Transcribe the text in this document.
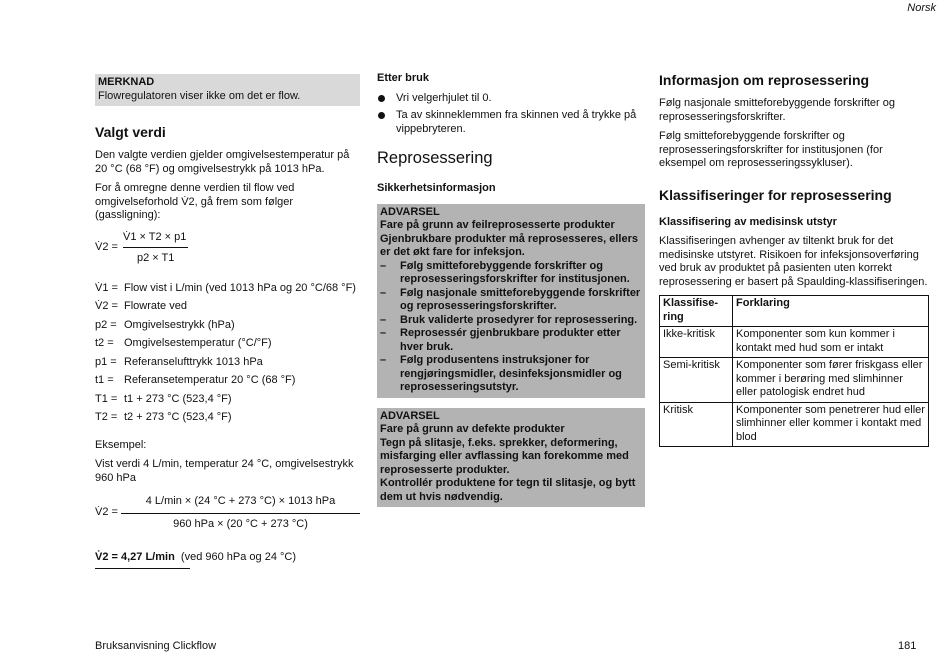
Norsk
MERKNAD
Flowregulatoren viser ikke om det er flow.
Valgt verdi

Den valgte verdien gjelder omgivelsestemperatur på 20 °C (68 °F) og omgivelsestrykk på 1013 hPa.

For å omregne denne verdien til flow ved omgivelseforhold V̇2, gå frem som følger (gassligning):

V̇2 = $\frac{V̇1 \times T2 \times p1}{p2 \times T1}$
V̇1 = Flow vist i L/min (ved 1013 hPa og 20 °C/68 °F)
V̇2 = Flowrate ved
p2 = Omgivelsestrykk (hPa)
t2 = Omgivelsestemperatur (°C/°F)
p1 = Referanselufttrykk 1013 hPa
t1 = Referansetemperatur 20 °C (68 °F)
T1 = t1 + 273 °C (523,4 °F)
T2 = t2 + 273 °C (523,4 °F)

Eksempel:

Vist verdi 4 L/min, temperatur 24 °C, omgivelsestrykk 960 hPa

V̇2 = $\frac{\text{4 L/min × (24 °C + 273 °C) × 1013 hPa}}{\text{960 hPa × (20 °C + 273 °C)}}$
V̇2 = 4,27 L/min (ved 960 hPa og 24 °C)
Etter bruk
Vri velgerhjulet til 0.
Ta av skinneklemmen fra skinnen ved å trykke på vippebryteren.
Reprosessering
Sikkerhetsinformasjon
ADVARSEL
Fare på grunn av feilreprosesserte produkter
Gjenbrukbare produkter må reprosesseres, ellers er det økt fare for infeksjon.
–	Følg smitteforebyggende forskrifter og reprosesseringsforskrifter for institusjonen.
–	Følg nasjonale smitteforebyggende forskrifter og reprosesseringsforskrifter.
–	Bruk validerte prosedyrer for reprosessering.
–	Reprosessér gjenbrukbare produkter etter hver bruk.
–	Følg produsentens instruksjoner for rengjøringsmidler, desinfeksjonsmidler og reprosesseringsutstyr.
ADVARSEL
Fare på grunn av defekte produkter
Tegn på slitasje, f.eks. sprekker, deformering, misfarging eller avflassing kan forekomme med reprosesserte produkter.
Kontrollér produktene for tegn til slitasje, og bytt dem ut hvis nødvendig.
Informasjon om reprosessering

Følg nasjonale smitteforebyggende forskrifter og reprosesseringsforskrifter.

Følg smitteforebyggende forskrifter og reprosesseringsforskrifter for institusjonen (for eksempel om reprosesseringssykluser).

Klassifiseringer for reprosessering
Klassifisering av medisinsk utstyr

Klassifiseringen avhenger av tiltenkt bruk for det medisinske utstyret. Risikoen for infeksjonsoverføring ved bruk av produktet på pasienten uten korrekt reprosessering er basert på Spaulding-klassifiseringen.

Klassifise-ring	Forklaring
Ikke-kritisk	Komponenter som kun kommer i kontakt med hud som er intakt
Semi-kritisk	Komponenter som fører friskgass eller kommer i berøring med slimhinner eller patologisk endret hud
Kritisk	Komponenter som penetrerer hud eller slimhinner eller kommer i kontakt med blod
Bruksanvisning Clickflow	181
